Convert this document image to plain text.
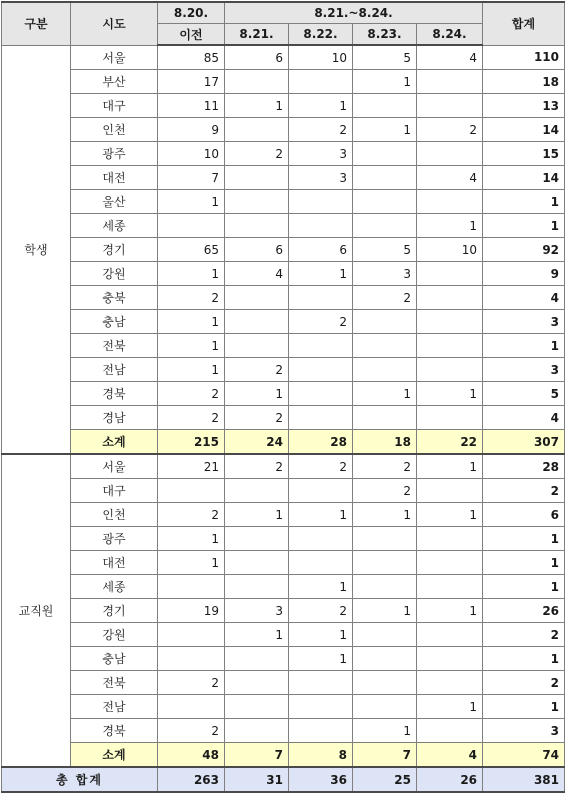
구분	시도	8.20.	8.21.~8.24.				합계
		이전	8.21.	8.22.	8.23.	8.24.	
학생	서울	85	6	10	5	4	110
	부산	17			1		18
	대구	11	1	1			13
	인천	9		2	1	2	14
	광주	10	2	3			15
	대전	7		3		4	14
	울산	1					1
	세종					1	1
	경기	65	6	6	5	10	92
	강원	1	4	1	3		9
	충북	2			2		4
	충남	1		2			3
	전북	1					1
	전남	1	2				3
	경북	2	1		1	1	5
	경남	2	2				4
	소계	215	24	28	18	22	307
교직원	서울	21	2	2	2	1	28
	대구				2		2
	인천	2	1	1	1	1	6
	광주	1					1
	대전	1					1
	세종			1			1
	경기	19	3	2	1	1	26
	강원		1	1			2
	충남			1			1
	전북	2					2
	전남					1	1
	경북	2			1		3
	소계	48	7	8	7	4	74
총 합계		263	31	36	25	26	381
